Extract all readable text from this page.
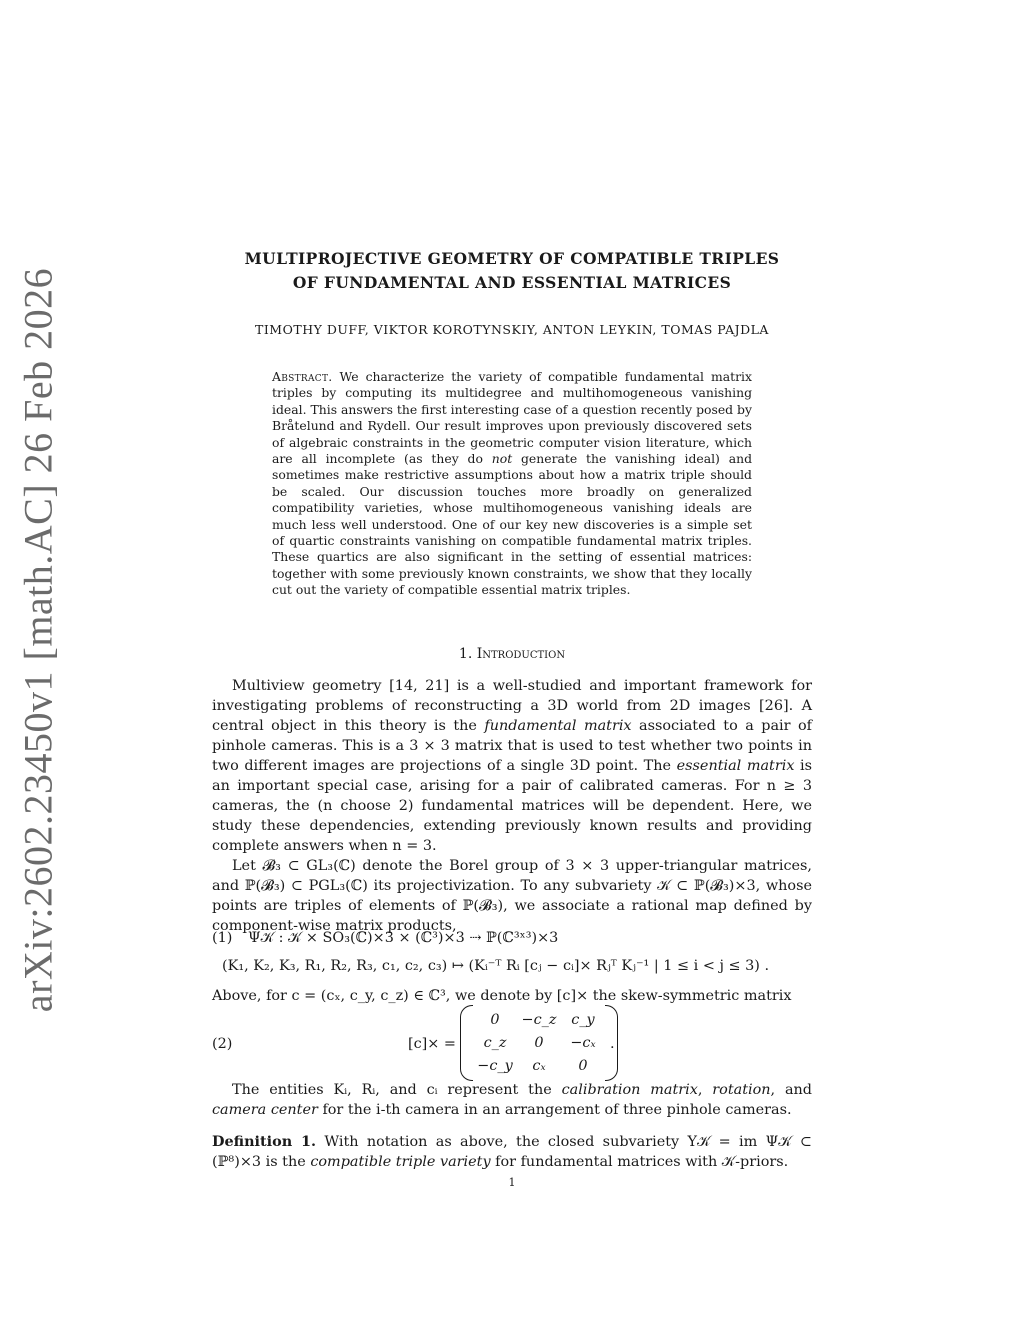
arXiv:2602.23450v1 [math.AC] 26 Feb 2026
MULTIPROJECTIVE GEOMETRY OF COMPATIBLE TRIPLES
OF FUNDAMENTAL AND ESSENTIAL MATRICES
TIMOTHY DUFF, VIKTOR KOROTYNSKIY, ANTON LEYKIN, TOMAS PAJDLA
Abstract. We characterize the variety of compatible fundamental matrix triples by computing its multidegree and multihomogeneous vanishing ideal. This answers the first interesting case of a question recently posed by Bråtelund and Rydell. Our result improves upon previously discovered sets of algebraic constraints in the geometric computer vision literature, which are all incomplete (as they do not generate the vanishing ideal) and sometimes make restrictive assumptions about how a matrix triple should be scaled. Our discussion touches more broadly on generalized compatibility varieties, whose multihomogeneous vanishing ideals are much less well understood. One of our key new discoveries is a simple set of quartic constraints vanishing on compatible fundamental matrix triples. These quartics are also significant in the setting of essential matrices: together with some previously known constraints, we show that they locally cut out the variety of compatible essential matrix triples.
1. Introduction

Multiview geometry [14, 21] is a well-studied and important framework for investigating problems of reconstructing a 3D world from 2D images [26]. A central object in this theory is the fundamental matrix associated to a pair of pinhole cameras. This is a 3 × 3 matrix that is used to test whether two points in two different images are projections of a single 3D point. The essential matrix is an important special case, arising for a pair of calibrated cameras. For n ≥ 3 cameras, the (n choose 2) fundamental matrices will be dependent. Here, we study these dependencies, extending previously known results and providing complete answers when n = 3.

Let 𝓑₃ ⊂ GL₃(ℂ) denote the Borel group of 3 × 3 upper-triangular matrices, and ℙ(𝓑₃) ⊂ PGL₃(ℂ) its projectivization. To any subvariety 𝒦 ⊂ ℙ(𝓑₃)×3, whose points are triples of elements of ℙ(𝓑₃), we associate a rational map defined by component-wise matrix products,

(1) Ψ𝒦 : 𝒦 × SO₃(ℂ)×3 × (ℂ³)×3 ⇢ ℙ(ℂ³ˣ³)×3
(K₁, K₂, K₃, R₁, R₂, R₃, c₁, c₂, c₃) ↦ (Kᵢ⁻ᵀ Rᵢ [cⱼ − cᵢ]× Rⱼᵀ Kⱼ⁻¹ | 1 ≤ i < j ≤ 3) .

Above, for c = (cₓ, c_y, c_z) ∈ ℂ³, we denote by [c]× the skew-symmetric matrix

(2)	[c]× =	.
0	−c_z	c_y
c_z	0	−cₓ
−c_y	cₓ	0

The entities Kᵢ, Rᵢ, and cᵢ represent the calibration matrix, rotation, and camera center for the i-th camera in an arrangement of three pinhole cameras.

Definition 1. With notation as above, the closed subvariety Y𝒦 = im Ψ𝒦 ⊂ (ℙ⁸)×3 is the compatible triple variety for fundamental matrices with 𝒦-priors.

1
